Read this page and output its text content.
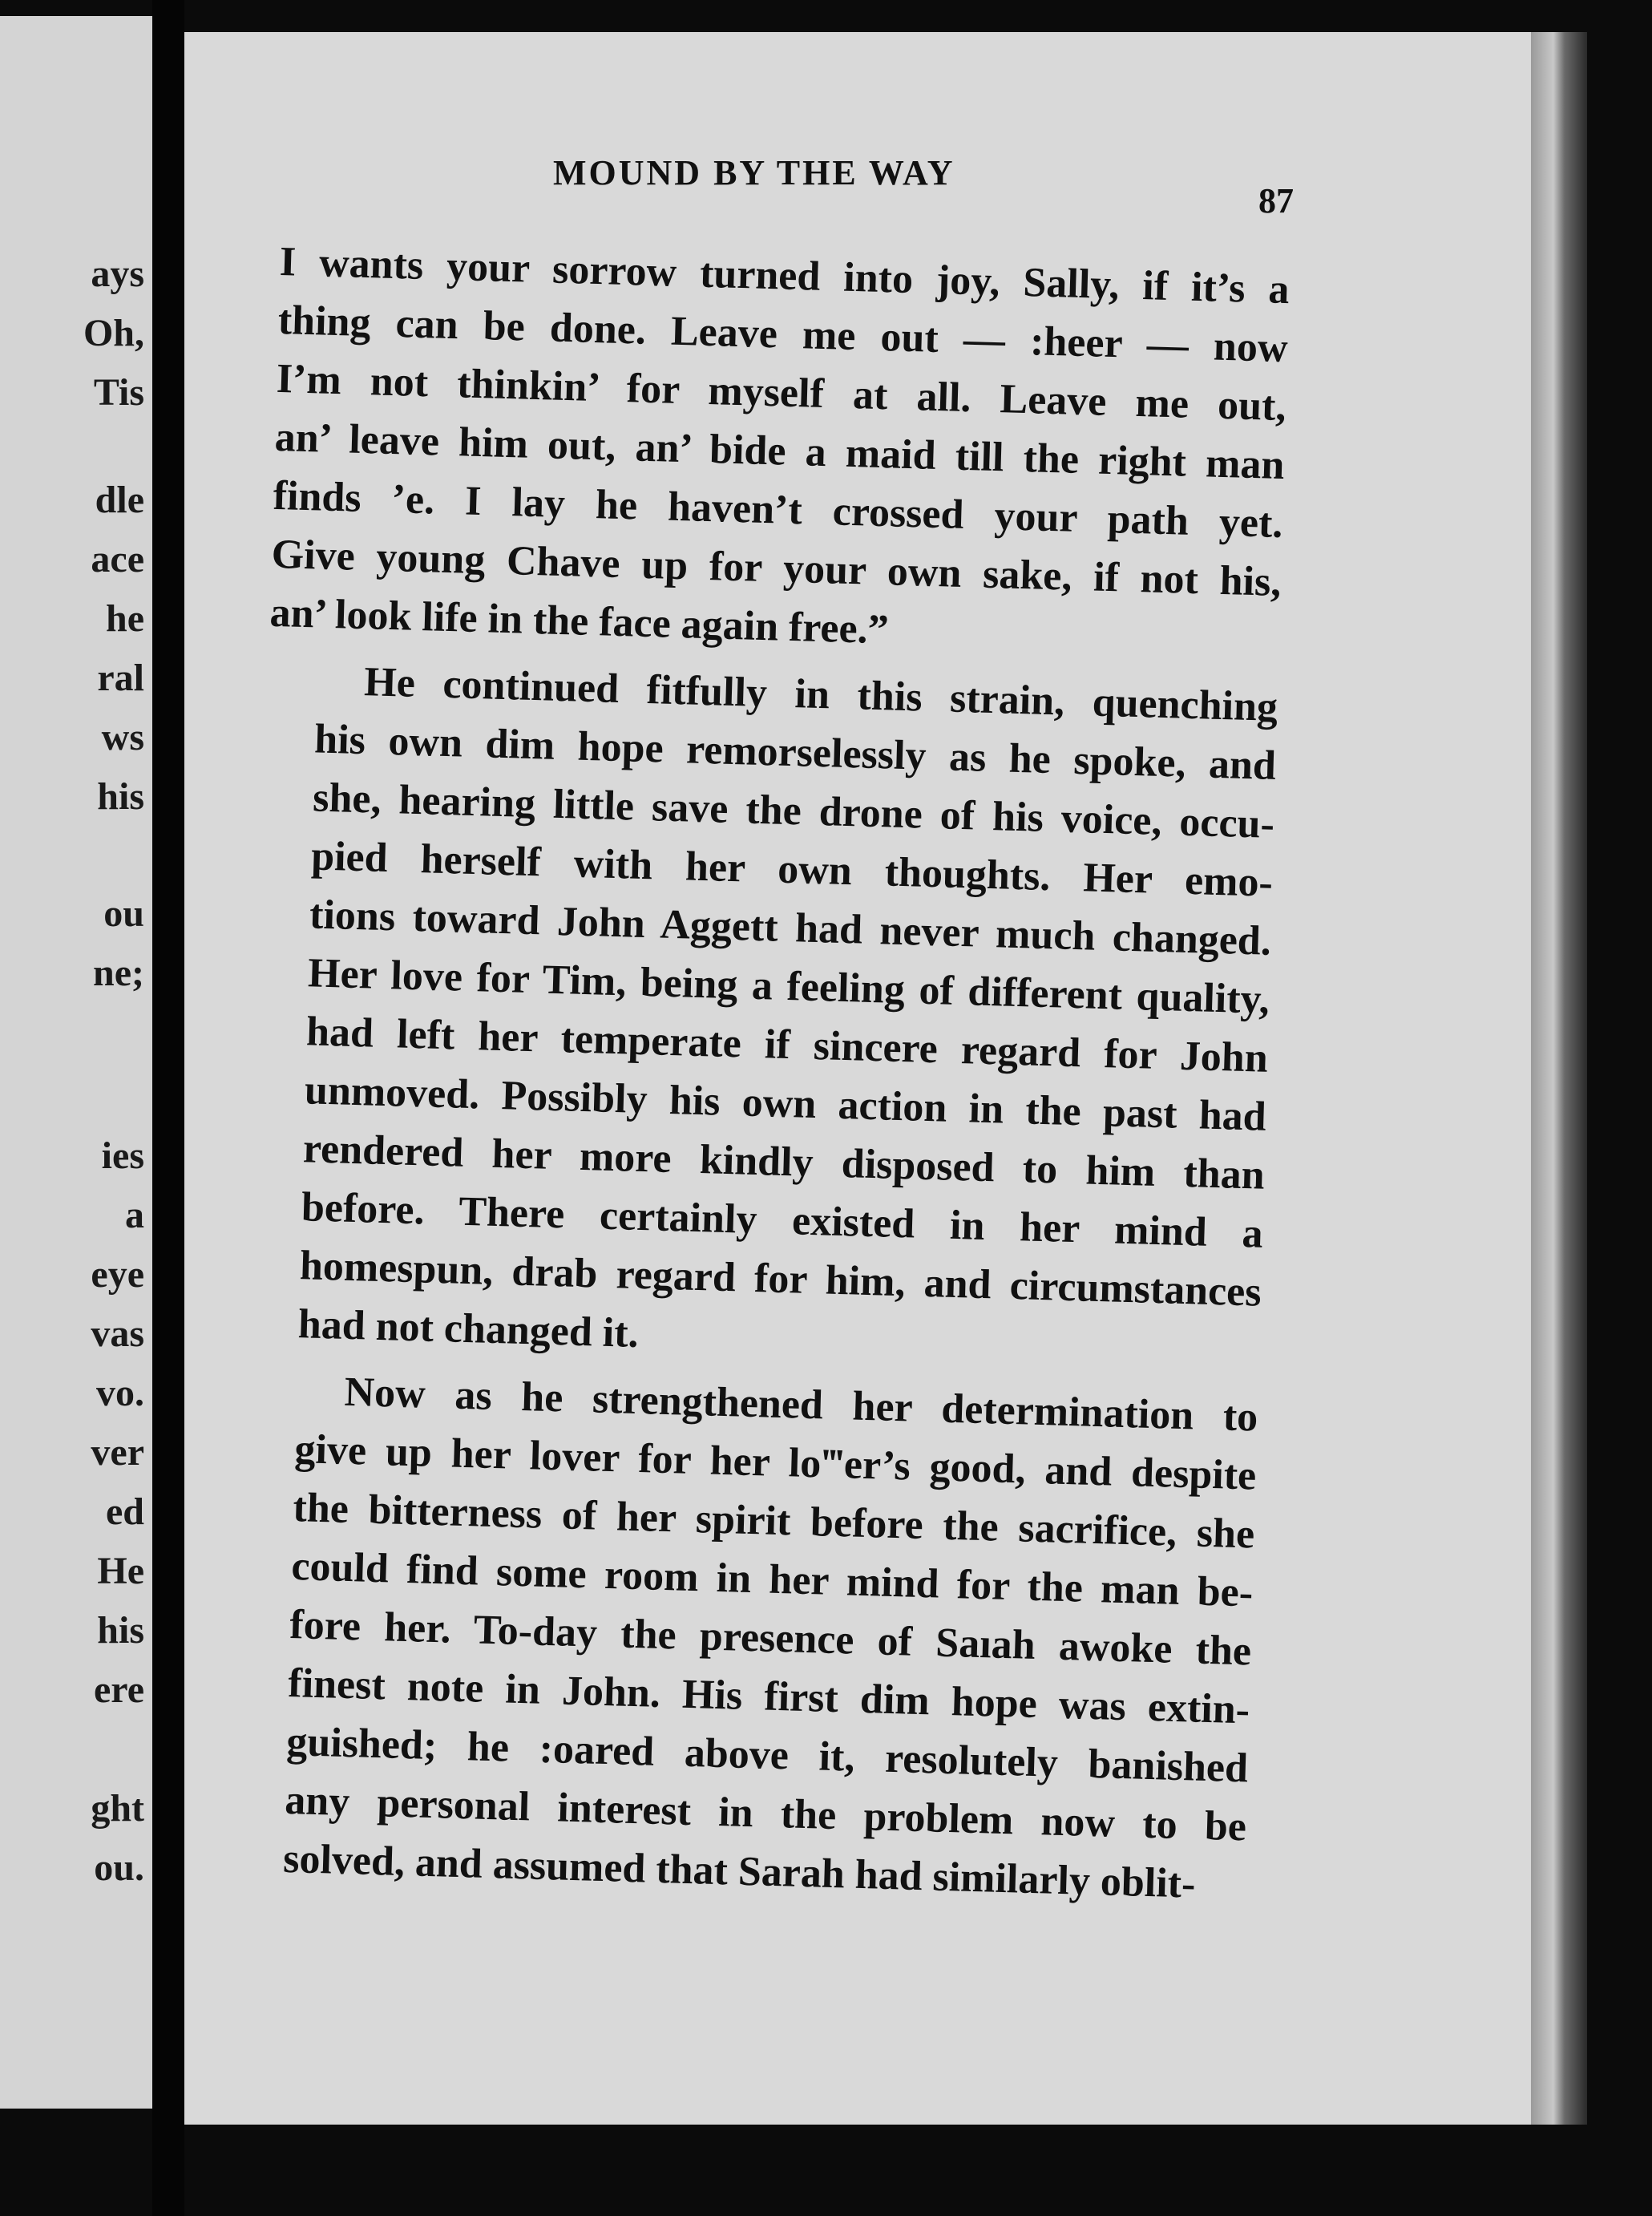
ays
Oh,
Tis
dle
ace
he
ral
ws
his
ou
ne;
ies
a
eye
vas
vo.
ver
ed
He
his
ere
ght
ou.
MOUND BY THE WAY
87
I wants your sorrow turned into joy, Sally, if it’s a
thing can be done. Leave me out — :heer — now
I’m not thinkin’ for myself at all. Leave me out,
an’ leave him out, an’ bide a maid till the right man
finds ’e. I lay he haven’t crossed your path yet.
Give young Chave up for your own sake, if not his,
an’ look life in the face again free.”
He continued fitfully in this strain, quenching
his own dim hope remorselessly as he spoke, and
she, hearing little save the drone of his voice, occu-
pied herself with her own thoughts. Her emo-
tions toward John Aggett had never much changed.
Her love for Tim, being a feeling of different quality,
had left her temperate if sincere regard for John
unmoved. Possibly his own action in the past had
rendered her more kindly disposed to him than
before. There certainly existed in her mind a
homespun, drab regard for him, and circumstances
had not changed it.
Now as he strengthened her determination to
give up her lover for her lo‴er’s good, and despite
the bitterness of her spirit before the sacrifice, she
could find some room in her mind for the man be-
fore her. To-day the presence of Saıah awoke the
finest note in John. His first dim hope was extin-
guished; he :oared above it, resolutely banished
any personal interest in the problem now to be
solved, and assumed that Sarah had similarly oblit-
